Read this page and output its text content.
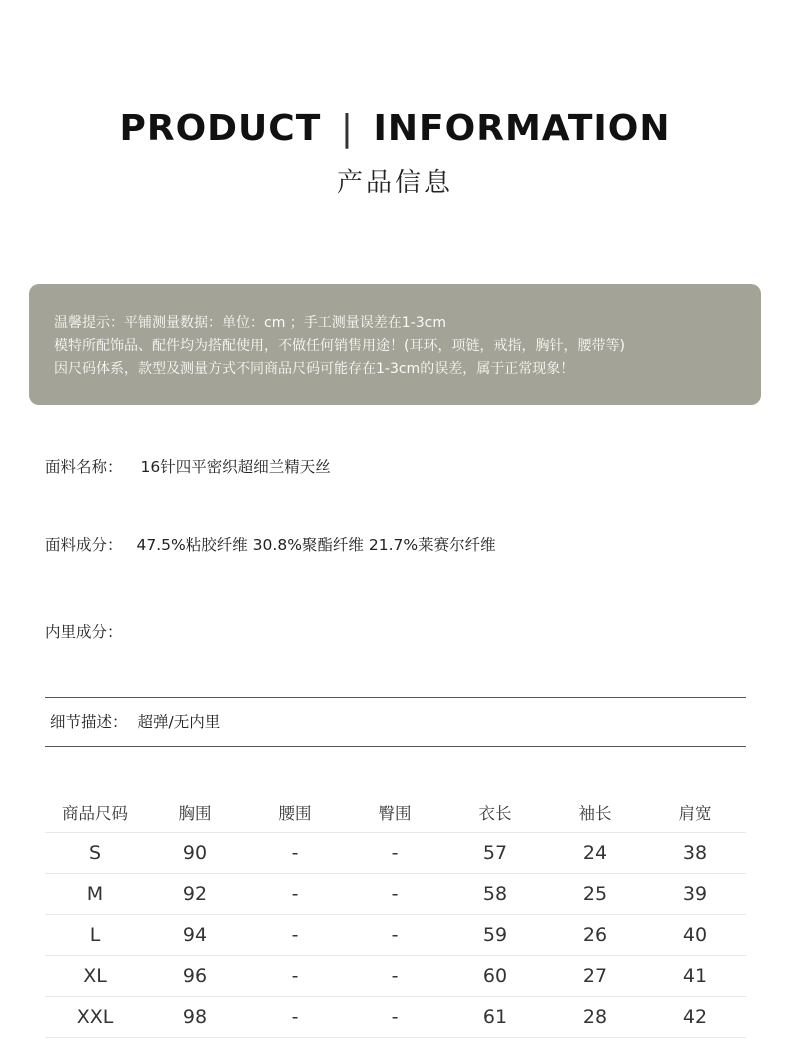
PRODUCT | INFORMATION
产品信息
温馨提示：平铺测量数据：单位：cm ；手工测量误差在1-3cm
模特所配饰品、配件均为搭配使用，不做任何销售用途！(耳环，项链，戒指，胸针，腰带等)
因尺码体系，款型及测量方式不同商品尺码可能存在1-3cm的误差，属于正常现象！
面料名称： 16针四平密织超细兰精天丝
面料成分： 47.5%粘胶纤维 30.8%聚酯纤维 21.7%莱赛尔纤维
内里成分：
细节描述： 超弹/无内里
商品尺码	胸围	腰围	臀围	衣长	袖长	肩宽
S	90	-	-	57	24	38
M	92	-	-	58	25	39
L	94	-	-	59	26	40
XL	96	-	-	60	27	41
XXL	98	-	-	61	28	42
